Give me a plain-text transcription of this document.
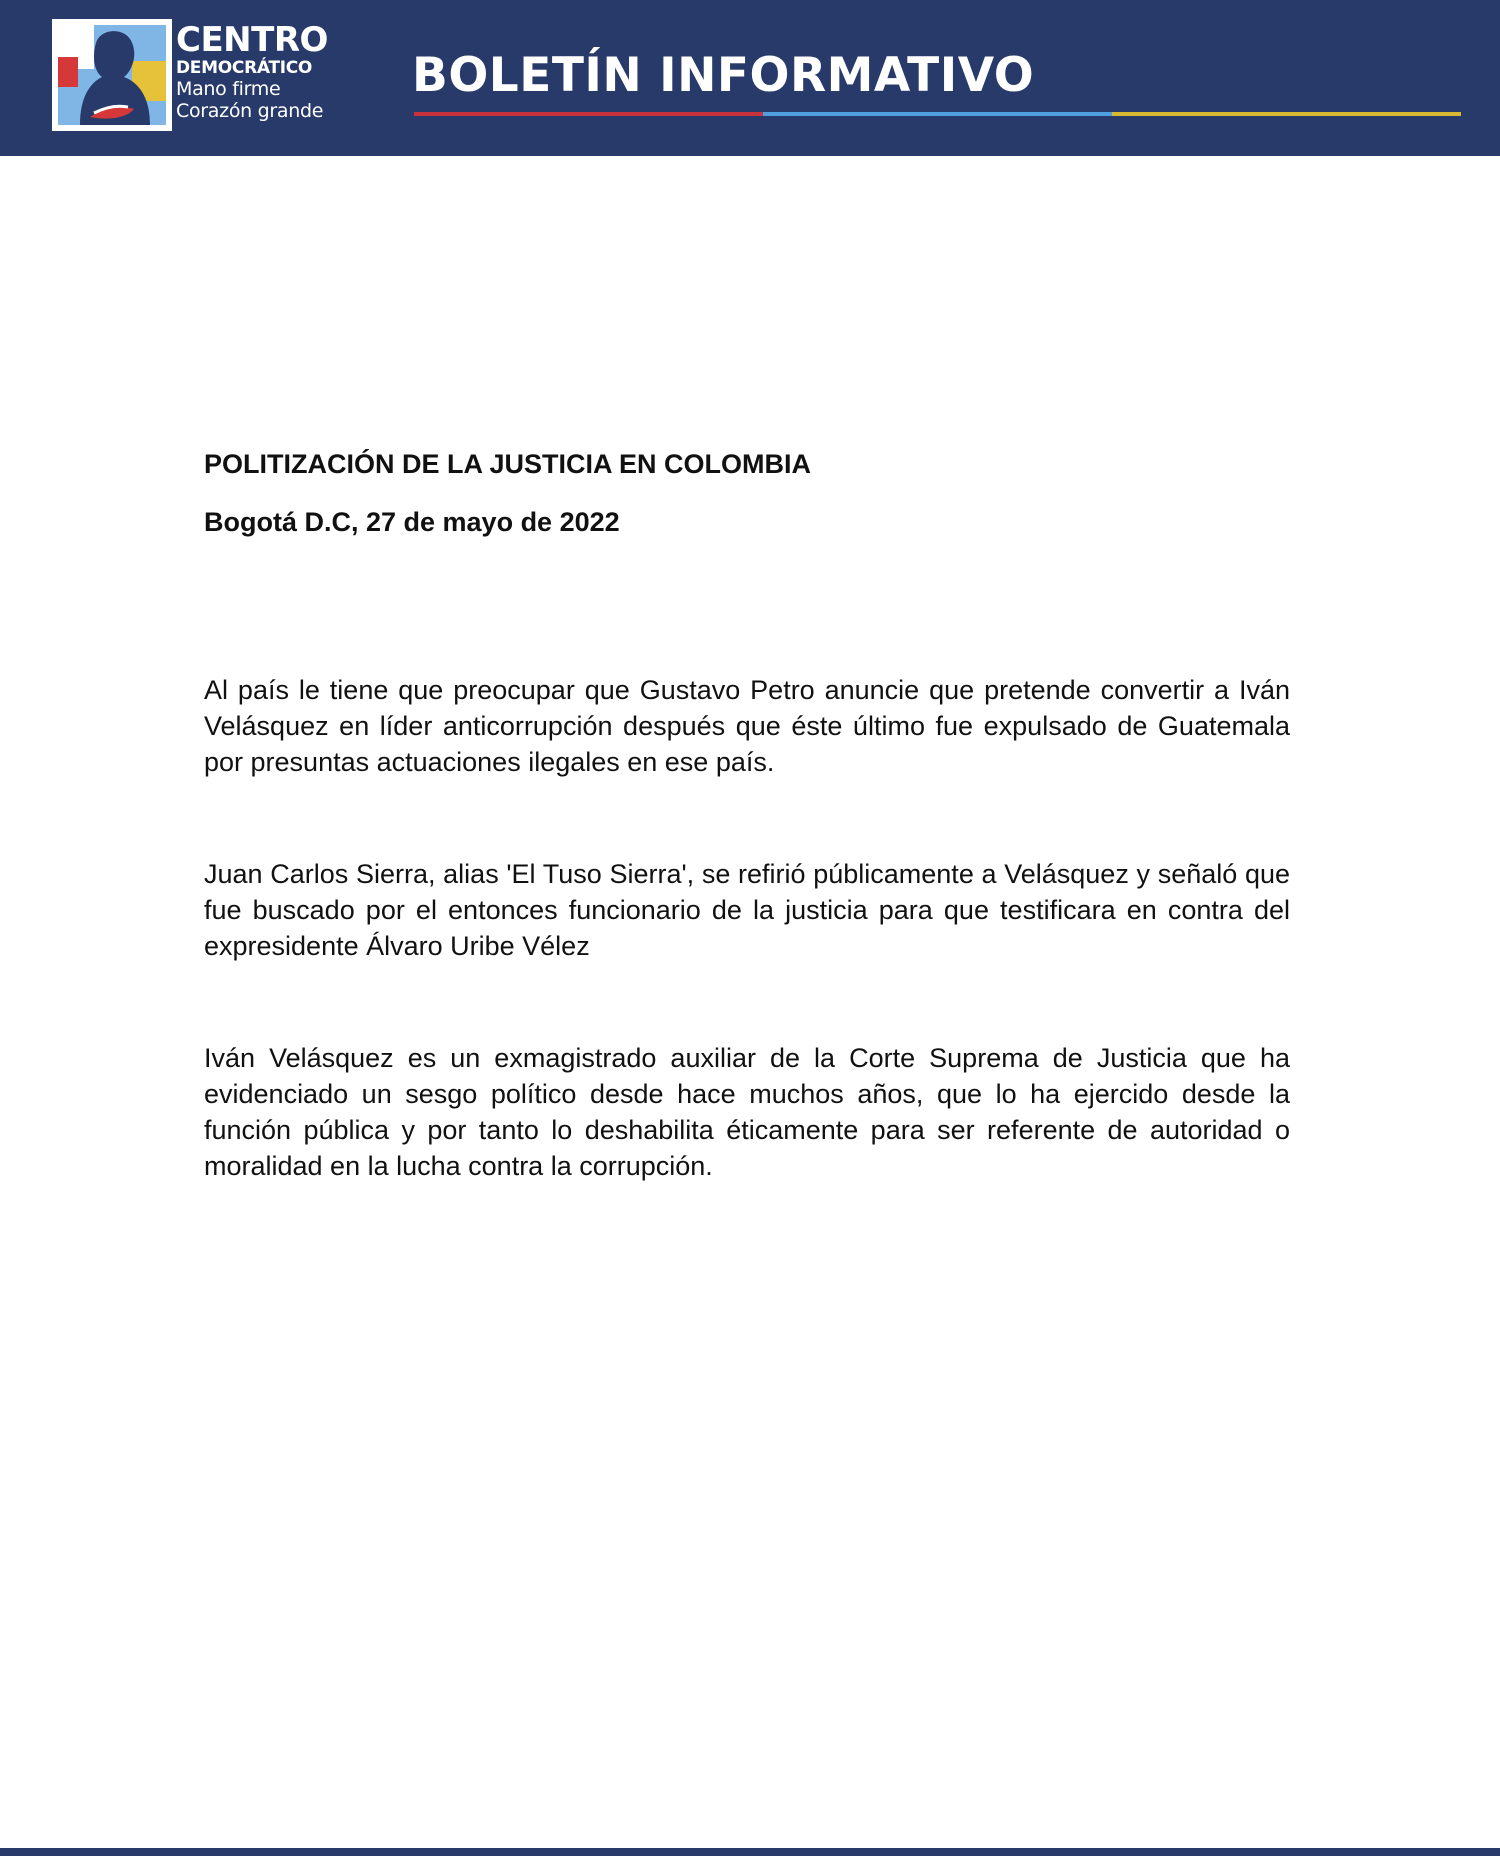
CENTRO
DEMOCRÁTICO
Mano firme
Corazón grande
BOLETÍN INFORMATIVO
POLITIZACIÓN DE LA JUSTICIA EN COLOMBIA
Bogotá D.C, 27 de mayo de 2022

Al país le tiene que preocupar que Gustavo Petro anuncie que pretende convertir a Iván Velásquez en líder anticorrupción después que éste último fue expulsado de Guatemala por presuntas actuaciones ilegales en ese país.

Juan Carlos Sierra, alias 'El Tuso Sierra', se refirió públicamente a Velásquez y señaló que fue buscado por el entonces funcionario de la justicia para que testificara en contra del expresidente Álvaro Uribe Vélez

Iván Velásquez es un exmagistrado auxiliar de la Corte Suprema de Justicia que ha evidenciado un sesgo político desde hace muchos años, que lo ha ejercido desde la función pública y por tanto lo deshabilita éticamente para ser referente de autoridad o moralidad en la lucha contra la corrupción.
